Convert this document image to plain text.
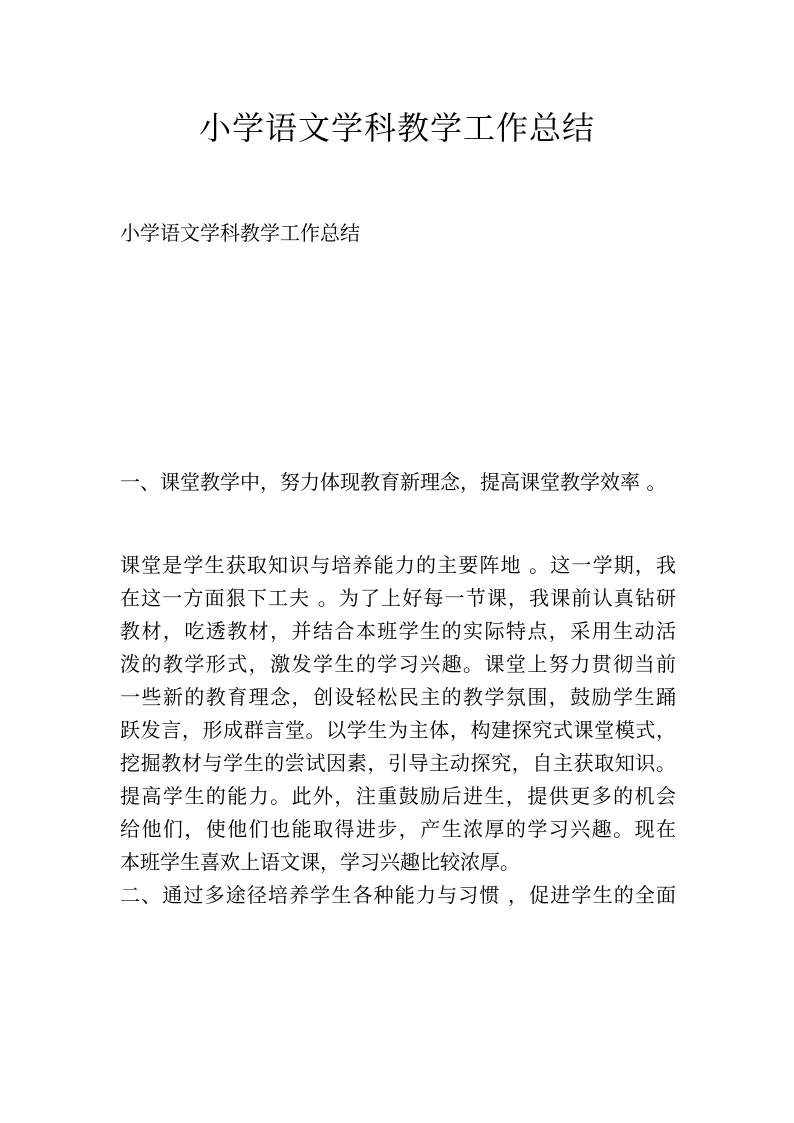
小学语文学科教学工作总结

小学语文学科教学工作总结

一、课堂教学中，努力体现教育新理念，提高课堂教学效率 。

课堂是学生获取知识与培养能力的主要阵地 。这一学期，我
在这一方面狠下工夫 。为了上好每一节课，我课前认真钻研
教材，吃透教材，并结合本班学生的实际特点，采用生动活
泼的教学形式，激发学生的学习兴趣。课堂上努力贯彻当前
一些新的教育理念，创设轻松民主的教学氛围，鼓励学生踊
跃发言，形成群言堂。以学生为主体，构建探究式课堂模式，
挖掘教材与学生的尝试因素，引导主动探究，自主获取知识。
提高学生的能力。此外，注重鼓励后进生，提供更多的机会
给他们，使他们也能取得进步，产生浓厚的学习兴趣。现在
本班学生喜欢上语文课，学习兴趣比较浓厚。
二、通过多途径培养学生各种能力与习惯 ，促进学生的全面
